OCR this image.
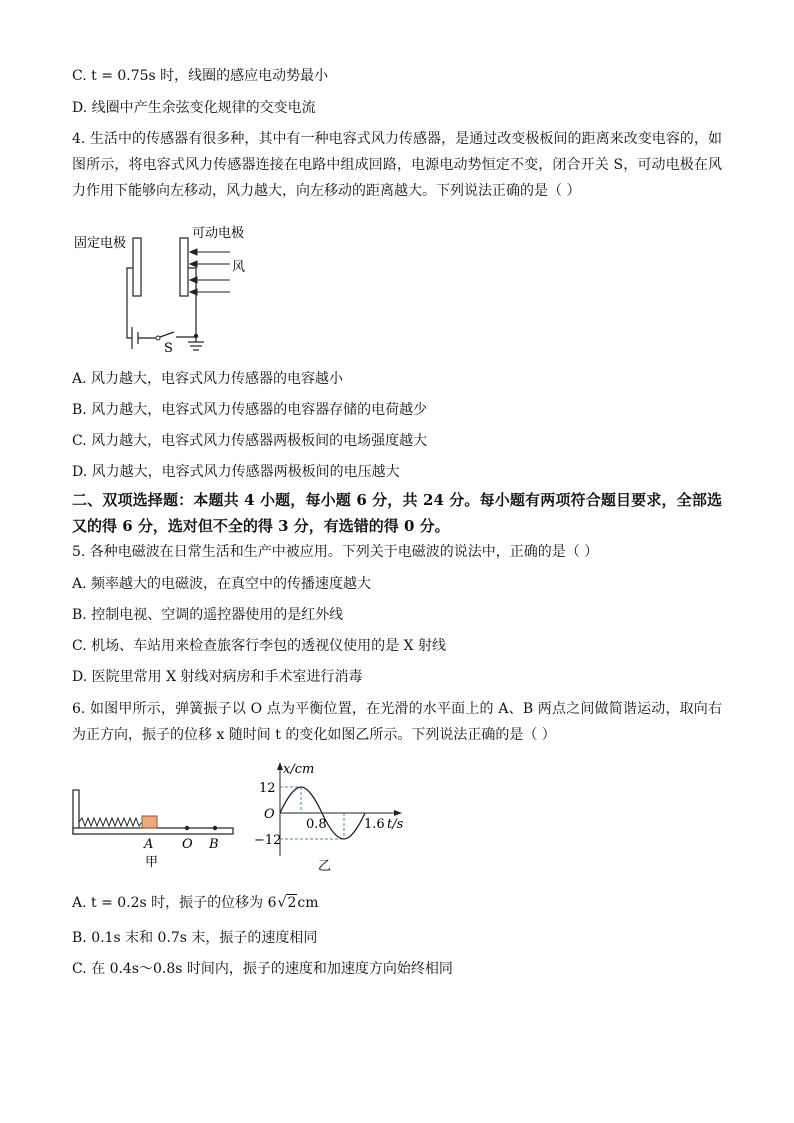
C. t = 0.75s 时，线圈的感应电动势最小
D. 线圈中产生余弦变化规律的交变电流
4. 生活中的传感器有很多种，其中有一种电容式风力传感器，是通过改变极板间的距离来改变电容的，如图所示，将电容式风力传感器连接在电路中组成回路，电源电动势恒定不变，闭合开关 S，可动电极在风力作用下能够向左移动，风力越大，向左移动的距离越大。下列说法正确的是（ ）
固定电极
可动电极
风
S
A. 风力越大，电容式风力传感器的电容越小
B. 风力越大，电容式风力传感器的电容器存储的电荷越少
C. 风力越大，电容式风力传感器两极板间的电场强度越大
D. 风力越大，电容式风力传感器两极板间的电压越大
二、双项选择题：本题共 4 小题，每小题 6 分，共 24 分。每小题有两项符合题目要求，全部选又的得 6 分，选对但不全的得 3 分，有选错的得 0 分。
5. 各种电磁波在日常生活和生产中被应用。下列关于电磁波的说法中，正确的是（ ）
A. 频率越大的电磁波，在真空中的传播速度越大
B. 控制电视、空调的遥控器使用的是红外线
C. 机场、车站用来检查旅客行李包的透视仪使用的是 X 射线
D. 医院里常用 X 射线对病房和手术室进行消毒
6. 如图甲所示，弹簧振子以 O 点为平衡位置，在光滑的水平面上的 A、B 两点之间做简谐运动，取向右为正方向，振子的位移 x 随时间 t 的变化如图乙所示。下列说法正确的是（ ）
A O B
甲
x/cm
12
O
0.8
−12
1.6 t/s
乙
A. t = 0.2s 时，振子的位移为 6√2cm
B. 0.1s 末和 0.7s 末，振子的速度相同
C. 在 0.4s～0.8s 时间内，振子的速度和加速度方向始终相同
